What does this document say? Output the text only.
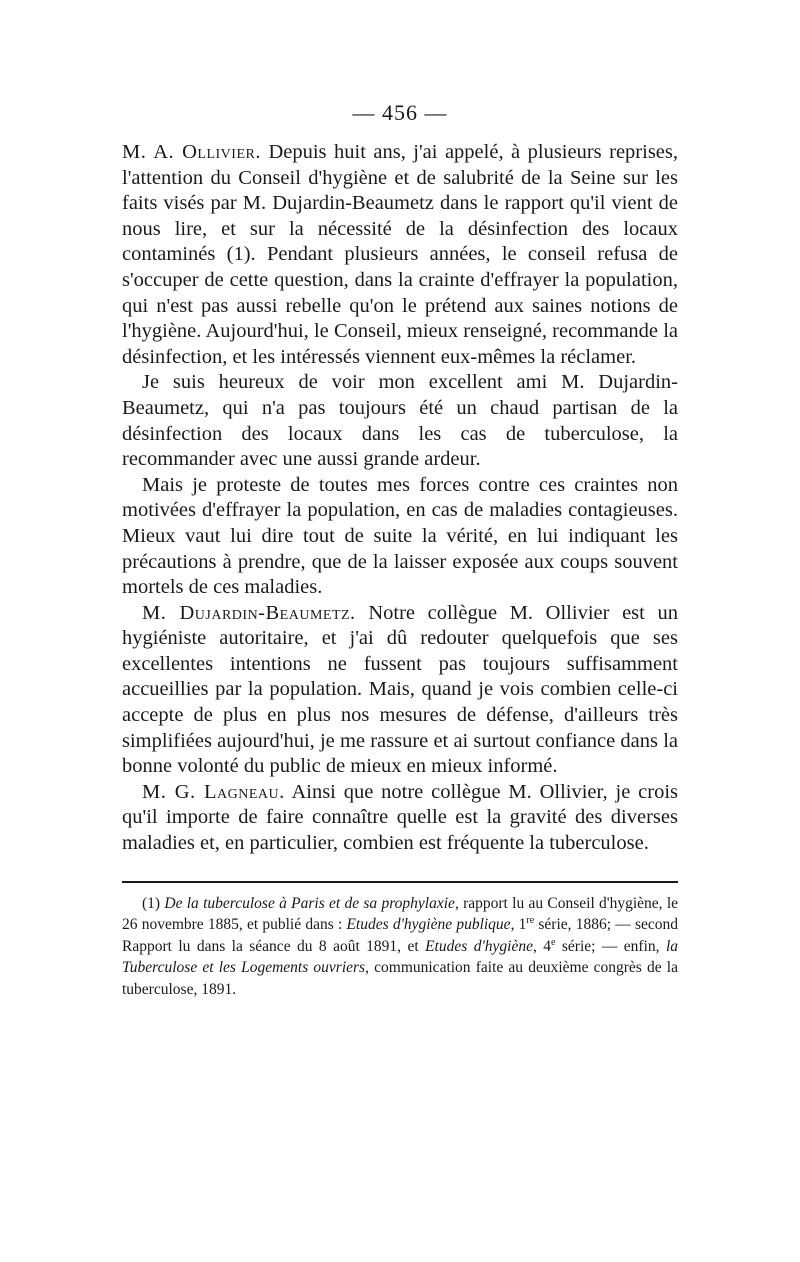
— 456 —

M. A. Ollivier. Depuis huit ans, j'ai appelé, à plusieurs reprises, l'attention du Conseil d'hygiène et de salubrité de la Seine sur les faits visés par M. Dujardin-Beaumetz dans le rapport qu'il vient de nous lire, et sur la nécessité de la désinfection des locaux contaminés (1). Pendant plusieurs années, le conseil refusa de s'occuper de cette question, dans la crainte d'effrayer la population, qui n'est pas aussi rebelle qu'on le prétend aux saines notions de l'hygiène. Aujourd'hui, le Conseil, mieux renseigné, recommande la désinfection, et les intéressés viennent eux-mêmes la réclamer.

Je suis heureux de voir mon excellent ami M. Dujardin-Beaumetz, qui n'a pas toujours été un chaud partisan de la désinfection des locaux dans les cas de tuberculose, la recommander avec une aussi grande ardeur.

Mais je proteste de toutes mes forces contre ces craintes non motivées d'effrayer la population, en cas de maladies contagieuses. Mieux vaut lui dire tout de suite la vérité, en lui indiquant les précautions à prendre, que de la laisser exposée aux coups souvent mortels de ces maladies.

M. Dujardin-Beaumetz. Notre collègue M. Ollivier est un hygiéniste autoritaire, et j'ai dû redouter quelquefois que ses excellentes intentions ne fussent pas toujours suffisamment accueillies par la population. Mais, quand je vois combien celle-ci accepte de plus en plus nos mesures de défense, d'ailleurs très simplifiées aujourd'hui, je me rassure et ai surtout confiance dans la bonne volonté du public de mieux en mieux informé.

M. G. Lagneau. Ainsi que notre collègue M. Ollivier, je crois qu'il importe de faire connaître quelle est la gravité des diverses maladies et, en particulier, combien est fréquente la tuberculose.

(1) De la tuberculose à Paris et de sa prophylaxie, rapport lu au Conseil d'hygiène, le 26 novembre 1885, et publié dans : Etudes d'hygiène publique, 1re série, 1886; — second Rapport lu dans la séance du 8 août 1891, et Etudes d'hygiène, 4e série; — enfin, la Tuberculose et les Logements ouvriers, communication faite au deuxième congrès de la tuberculose, 1891.
